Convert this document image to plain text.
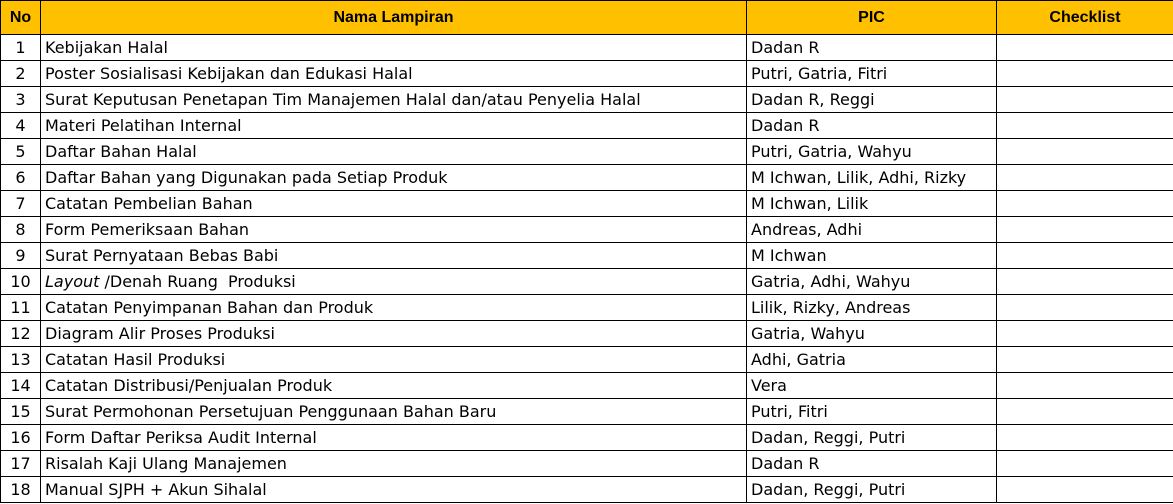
No	Nama Lampiran	PIC	Checklist
1	Kebijakan Halal	Dadan R	
2	Poster Sosialisasi Kebijakan dan Edukasi Halal	Putri, Gatria, Fitri	
3	Surat Keputusan Penetapan Tim Manajemen Halal dan/atau Penyelia Halal	Dadan R, Reggi	
4	Materi Pelatihan Internal	Dadan R	
5	Daftar Bahan Halal	Putri, Gatria, Wahyu	
6	Daftar Bahan yang Digunakan pada Setiap Produk	M Ichwan, Lilik, Adhi, Rizky	
7	Catatan Pembelian Bahan	M Ichwan, Lilik	
8	Form Pemeriksaan Bahan	Andreas, Adhi	
9	Surat Pernyataan Bebas Babi	M Ichwan	
10	Layout /Denah Ruang  Produksi	Gatria, Adhi, Wahyu	
11	Catatan Penyimpanan Bahan dan Produk	Lilik, Rizky, Andreas	
12	Diagram Alir Proses Produksi	Gatria, Wahyu	
13	Catatan Hasil Produksi	Adhi, Gatria	
14	Catatan Distribusi/Penjualan Produk	Vera	
15	Surat Permohonan Persetujuan Penggunaan Bahan Baru	Putri, Fitri	
16	Form Daftar Periksa Audit Internal	Dadan, Reggi, Putri	
17	Risalah Kaji Ulang Manajemen	Dadan R	
18	Manual SJPH + Akun Sihalal	Dadan, Reggi, Putri	
